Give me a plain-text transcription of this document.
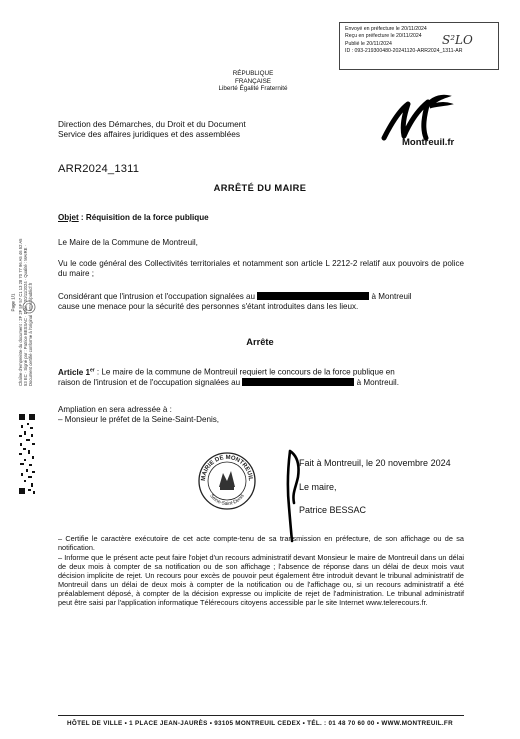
Envoyé en préfecture le 20/11/2024
Reçu en préfecture le 20/11/2024
Publié le 20/11/2024
ID : 093-219300480-20241120-ARR2024_1311-AR
S²LO
RÉPUBLIQUE FRANÇAISE
Liberté Égalité Fraternité
Montreuil.fr
Direction des Démarches, du Droit et du Document
Service des affaires juridiques et des assemblées
ARR2024_1311
ARRÊTÉ DU MAIRE
Objet : Réquisition de la force publique
Le Maire de la Commune de Montreuil,
Vu le code général des Collectivités territoriales et notamment son article L 2212-2 relatif aux pouvoirs de police du maire ;
Considérant que l'intrusion et l'occupation signalées au	à Montreuil
cause une menace pour la sécurité des personnes s'étant introduites dans les lieux.
Arrête
Article 1er : Le maire de la commune de Montreuil requiert le concours de la force publique en
raison de l'intrusion et de l'occupation signalées au	à Montreuil.
Ampliation en sera adressée à :
– Monsieur le préfet de la Seine-Saint-Denis,
Page 1/1 Chaîne d'empreinte du document : 2F 2F 5F 57 C1 13 28 70 77 96 A5 46 52 A5 53 EC · Signé par : Patrice BESSAC · Date : 20/11/2024 · Qualité : MAIRE · Document certifié conforme à l'original · https://publicf.fr
MAIRIE DE MONTREUIL
Seine-Saint-Denis
Fait à Montreuil, le 20 novembre 2024
Le maire,
Patrice BESSAC
– Certifie le caractère exécutoire de cet acte compte-tenu de sa transmission en préfecture, de son affichage ou de sa notification.
– Informe que le présent acte peut faire l'objet d'un recours administratif devant Monsieur le maire de Montreuil dans un délai de deux mois à compter de sa notification ou de son affichage ; l'absence de réponse dans un délai de deux mois vaut décision implicite de rejet. Un recours pour excès de pouvoir peut également être introduit devant le tribunal administratif de Montreuil dans un délai de deux mois à compter de la notification ou de l'affichage ou, si un recours administratif a été préalablement déposé, à compter de la décision expresse ou implicite de rejet de l'administration. Le tribunal administratif peut être saisi par l'application informatique Télérecours citoyens accessible par le site Internet www.telerecours.fr.
HÔTEL DE VILLE • 1 PLACE JEAN-JAURÈS • 93105 MONTREUIL CEDEX • TÉL. : 01 48 70 60 00 • WWW.MONTREUIL.FR
